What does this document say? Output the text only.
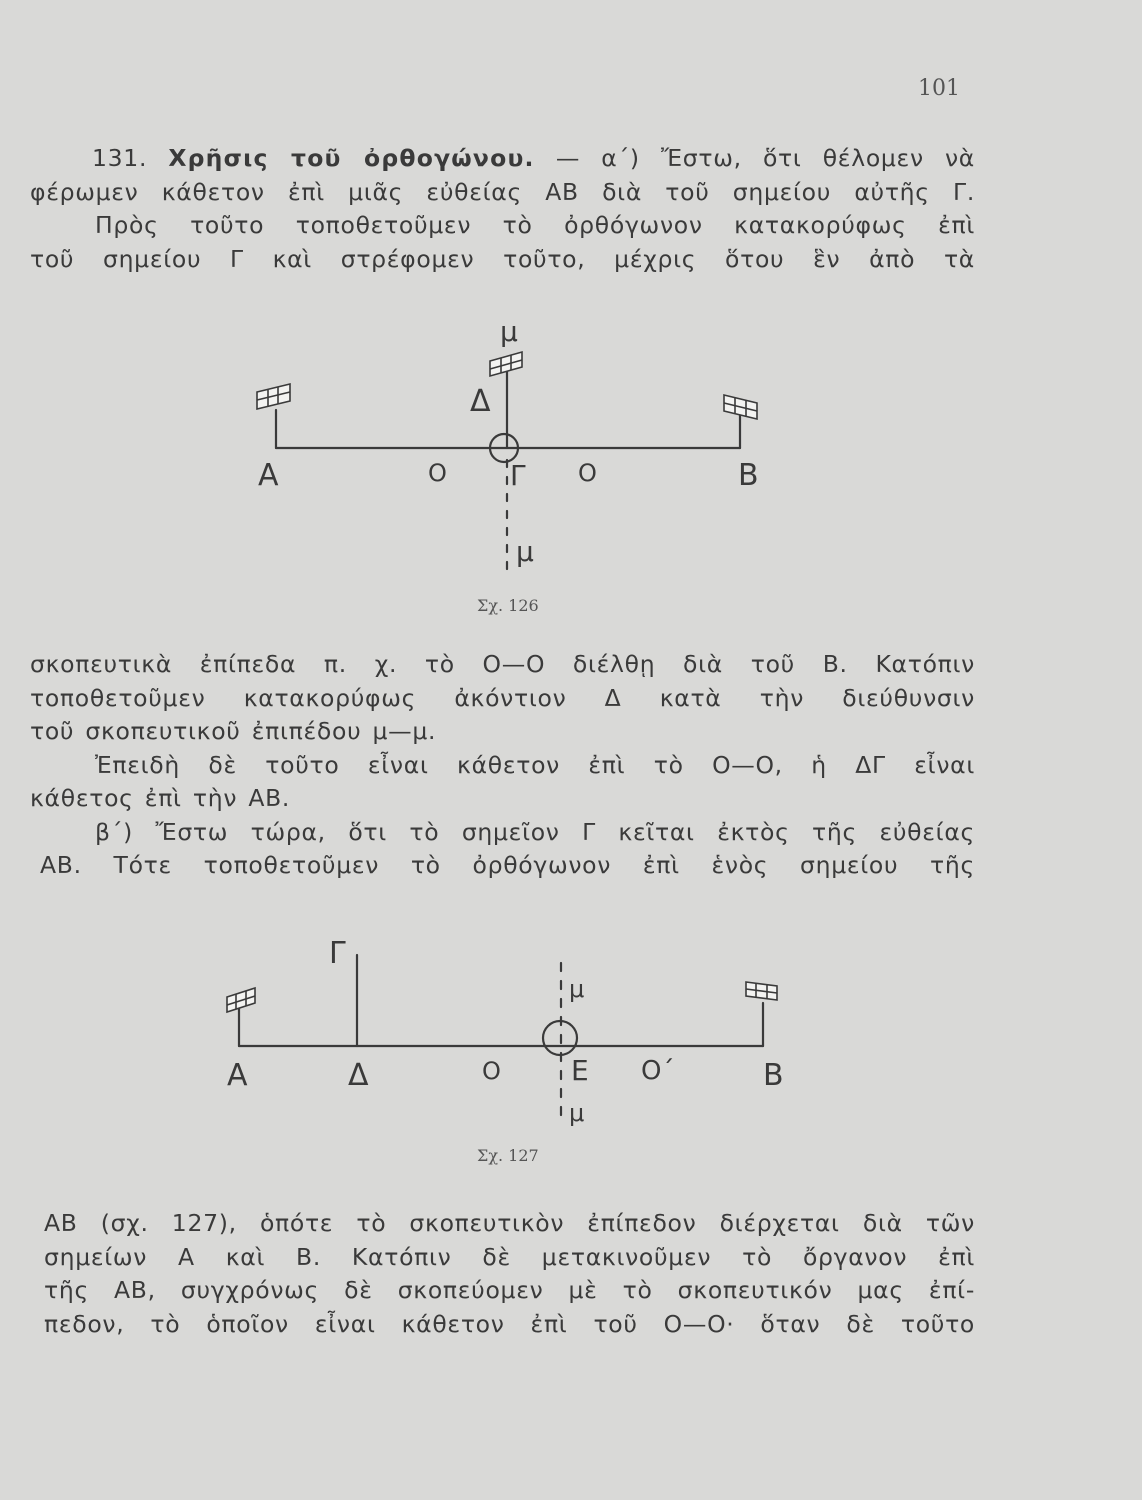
101
131. Χρῆσις τοῦ ὀρθογώνου. — α΄) Ἔστω, ὅτι θέλομεν νὰ
φέρωμεν κάθετον ἐπὶ μιᾶς εὐθείας ΑΒ διὰ τοῦ σημείου αὐτῆς Γ.
Πρὸς τοῦτο τοποθετοῦμεν τὸ ὀρθόγωνον κατακορύφως ἐπὶ
τοῦ σημείου Γ καὶ στρέφομεν τοῦτο, μέχρις ὅτου ἓν ἀπὸ τὰ
μ
Δ
Α	Ο Γ Ο	Β
μ
Σχ. 126
σκοπευτικὰ ἐπίπεδα π. χ. τὸ Ο—Ο διέλθῃ διὰ τοῦ Β. Κατόπιν
τοποθετοῦμεν κατακορύφως ἀκόντιον Δ κατὰ τὴν διεύθυνσιν
τοῦ σκοπευτικοῦ ἐπιπέδου μ—μ.
Ἐπειδὴ δὲ τοῦτο εἶναι κάθετον ἐπὶ τὸ Ο—Ο, ἡ ΔΓ εἶναι
κάθετος ἐπὶ τὴν ΑΒ.
β΄) Ἔστω τώρα, ὅτι τὸ σημεῖον Γ κεῖται ἐκτὸς τῆς εὐθείας
ΑΒ. Τότε τοποθετοῦμεν τὸ ὀρθόγωνον ἐπὶ ἑνὸς σημείου τῆς
Γ
μ
Α	Δ	Ο	Ε Ο΄	Β
μ
Σχ. 127
ΑΒ (σχ. 127), ὁπότε τὸ σκοπευτικὸν ἐπίπεδον διέρχεται διὰ τῶν
σημείων Α καὶ Β. Κατόπιν δὲ μετακινοῦμεν τὸ ὄργανον ἐπὶ
τῆς ΑΒ, συγχρόνως δὲ σκοπεύομεν μὲ τὸ σκοπευτικόν μας ἐπί-
πεδον, τὸ ὁποῖον εἶναι κάθετον ἐπὶ τοῦ Ο—Ο· ὅταν δὲ τοῦτο
